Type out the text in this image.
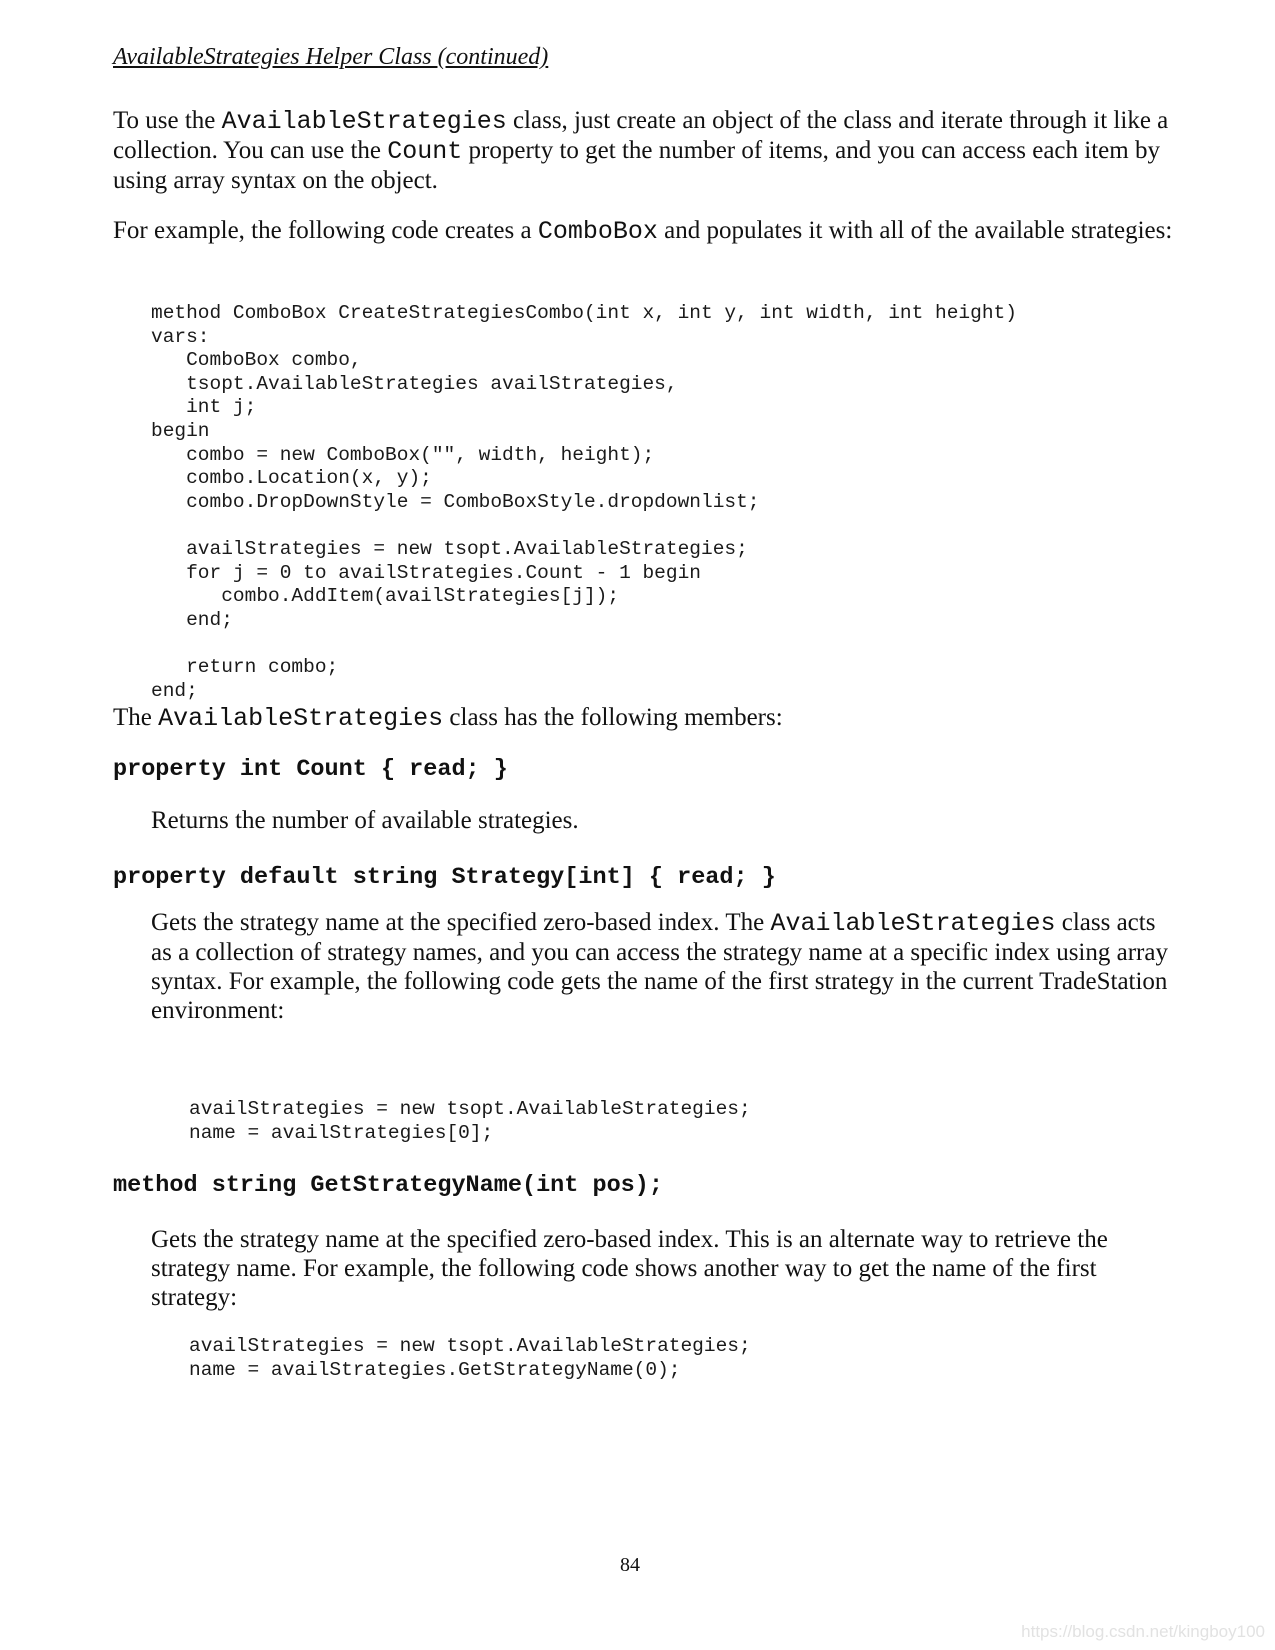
AvailableStrategies Helper Class (continued)

To use the AvailableStrategies class, just create an object of the class and iterate through it like a collection. You can use the Count property to get the number of items, and you can access each item by using array syntax on the object.

For example, the following code creates a ComboBox and populates it with all of the available strategies:

method ComboBox CreateStrategiesCombo(int x, int y, int width, int height)
vars:
ComboBox combo,
tsopt.AvailableStrategies availStrategies,
int j;
begin
combo = new ComboBox("", width, height);
combo.Location(x, y);
combo.DropDownStyle = ComboBoxStyle.dropdownlist;

availStrategies = new tsopt.AvailableStrategies;
for j = 0 to availStrategies.Count - 1 begin
combo.AddItem(availStrategies[j]);
end;

return combo;
end;

The AvailableStrategies class has the following members:

property int Count { read; }

Returns the number of available strategies.

property default string Strategy[int] { read; }

Gets the strategy name at the specified zero-based index. The AvailableStrategies class acts as a collection of strategy names, and you can access the strategy name at a specific index using array syntax. For example, the following code gets the name of the first strategy in the current TradeStation environment:

availStrategies = new tsopt.AvailableStrategies;
name = availStrategies[0];
method string GetStrategyName(int pos);

Gets the strategy name at the specified zero-based index. This is an alternate way to retrieve the strategy name. For example, the following code shows another way to get the name of the first strategy:

availStrategies = new tsopt.AvailableStrategies;
name = availStrategies.GetStrategyName(0);
84
https://blog.csdn.net/kingboy100
